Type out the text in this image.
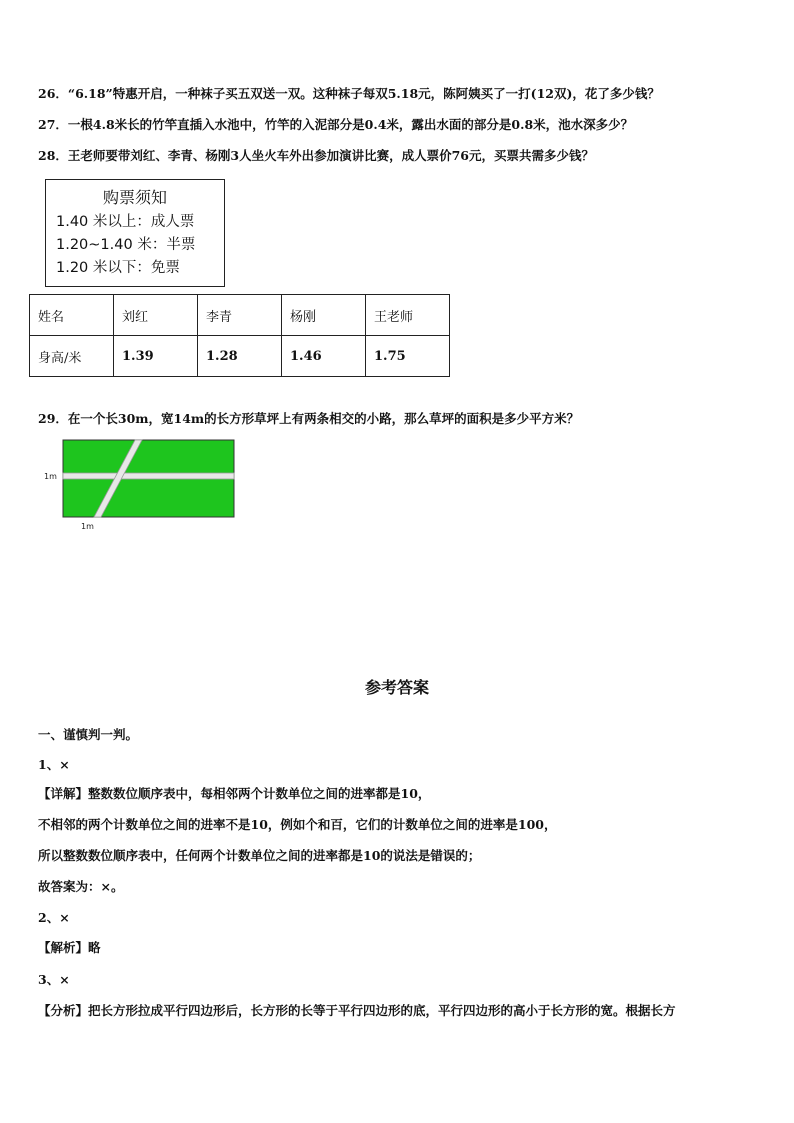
26．“6.18”特惠开启，一种袜子买五双送一双。这种袜子每双5.18元，陈阿姨买了一打(12双)，花了多少钱？
27．一根4.8米长的竹竿直插入水池中，竹竿的入泥部分是0.4米，露出水面的部分是0.8米，池水深多少？
28．王老师要带刘红、李青、杨刚3人坐火车外出参加演讲比赛，成人票价76元，买票共需多少钱？
购票须知
1.40 米以上：成人票
1.20~1.40 米：半票
1.20 米以下：免票
姓名	刘红	李青	杨刚	王老师
身高/米	1.39	1.28	1.46	1.75
29．在一个长30m，宽14m的长方形草坪上有两条相交的小路，那么草坪的面积是多少平方米？
1m
1m
参考答案
一、谨慎判一判。
1、×
【详解】整数数位顺序表中，每相邻两个计数单位之间的进率都是10，
不相邻的两个计数单位之间的进率不是10，例如个和百，它们的计数单位之间的进率是100，
所以整数数位顺序表中，任何两个计数单位之间的进率都是10的说法是错误的；
故答案为：×。
2、×
【解析】略
3、×
【分析】把长方形拉成平行四边形后，长方形的长等于平行四边形的底，平行四边形的高小于长方形的宽。根据长方
